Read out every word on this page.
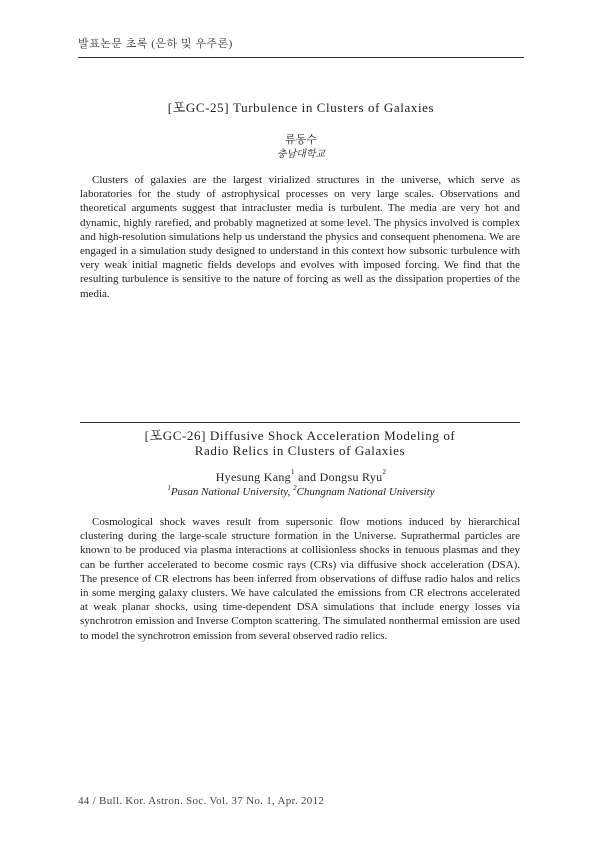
발표논문 초록 (은하 및 우주론)
[포GC-25] Turbulence in Clusters of Galaxies
류동수
충남대학교
Clusters of galaxies are the largest virialized structures in the universe, which serve as laboratories for the study of astrophysical processes on very large scales. Observations and theoretical arguments suggest that intracluster media is turbulent. The media are very hot and dynamic, highly rarefied, and probably magnetized at some level. The physics involved is complex and high-resolution simulations help us understand the physics and consequent phenomena. We are engaged in a simulation study designed to understand in this context how subsonic turbulence with very weak initial magnetic fields develops and evolves with imposed forcing. We find that the resulting turbulence is sensitive to the nature of forcing as well as the dissipation properties of the media.
[포GC-26] Diffusive Shock Acceleration Modeling of
Radio Relics in Clusters of Galaxies
Hyesung Kang$^1$ and Dongsu Ryu$^2$
$^1$Pusan National University, $^2$Chungnam National University
Cosmological shock waves result from supersonic flow motions induced by hierarchical clustering during the large-scale structure formation in the Universe. Suprathermal particles are known to be produced via plasma interactions at collisionless shocks in tenuous plasmas and they can be further accelerated to become cosmic rays (CRs) via diffusive shock acceleration (DSA). The presence of CR electrons has been inferred from observations of diffuse radio halos and relics in some merging galaxy clusters. We have calculated the emissions from CR electrons accelerated at weak planar shocks, using time-dependent DSA simulations that include energy losses via synchrotron emission and Inverse Compton scattering. The simulated nonthermal emission are used to model the synchrotron emission from several observed radio relics.
44 / Bull. Kor. Astron. Soc. Vol. 37 No. 1, Apr. 2012
